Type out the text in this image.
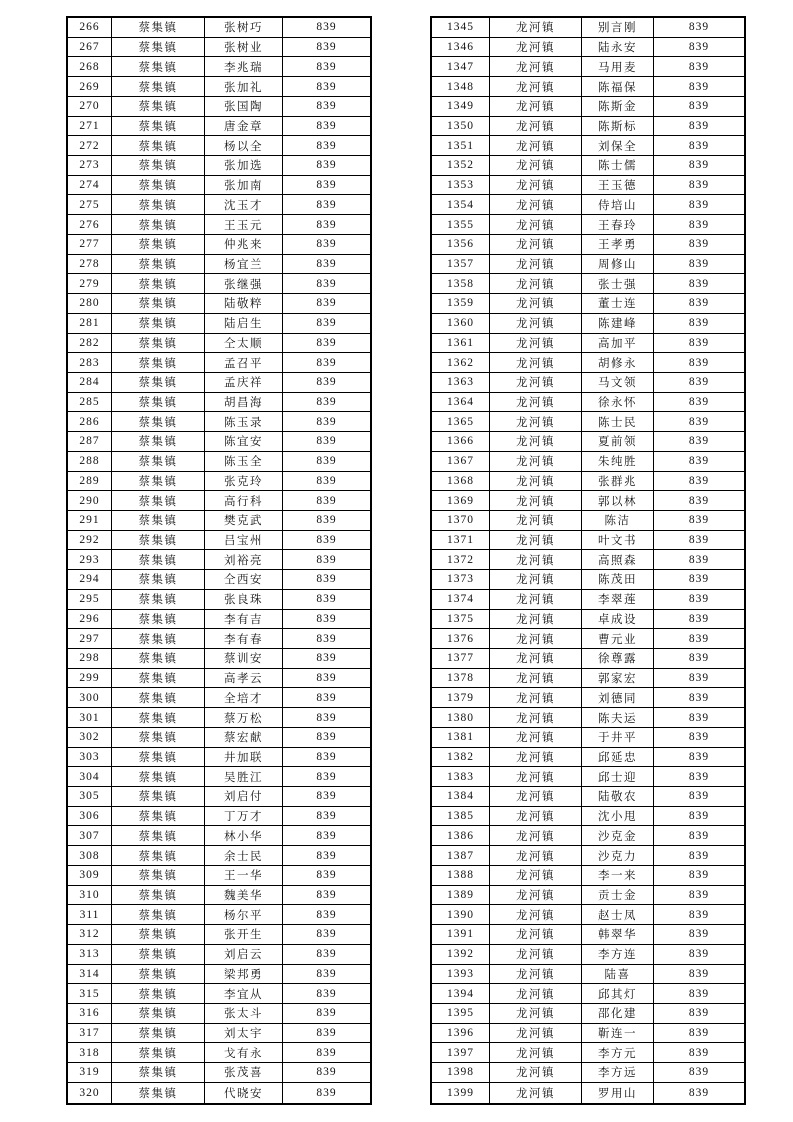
266	蔡集镇	张树巧	839
267	蔡集镇	张树业	839
268	蔡集镇	李兆瑞	839
269	蔡集镇	张加礼	839
270	蔡集镇	张国陶	839
271	蔡集镇	唐金章	839
272	蔡集镇	杨以全	839
273	蔡集镇	张加选	839
274	蔡集镇	张加南	839
275	蔡集镇	沈玉才	839
276	蔡集镇	王玉元	839
277	蔡集镇	仲兆来	839
278	蔡集镇	杨宜兰	839
279	蔡集镇	张继强	839
280	蔡集镇	陆敬粹	839
281	蔡集镇	陆启生	839
282	蔡集镇	仝太顺	839
283	蔡集镇	孟召平	839
284	蔡集镇	孟庆祥	839
285	蔡集镇	胡昌海	839
286	蔡集镇	陈玉录	839
287	蔡集镇	陈宜安	839
288	蔡集镇	陈玉全	839
289	蔡集镇	张克玲	839
290	蔡集镇	高行科	839
291	蔡集镇	樊克武	839
292	蔡集镇	吕宝州	839
293	蔡集镇	刘裕亮	839
294	蔡集镇	仝西安	839
295	蔡集镇	张良珠	839
296	蔡集镇	李有吉	839
297	蔡集镇	李有春	839
298	蔡集镇	蔡训安	839
299	蔡集镇	高孝云	839
300	蔡集镇	全培才	839
301	蔡集镇	蔡万松	839
302	蔡集镇	蔡宏献	839
303	蔡集镇	井加联	839
304	蔡集镇	吴胜江	839
305	蔡集镇	刘启付	839
306	蔡集镇	丁万才	839
307	蔡集镇	林小华	839
308	蔡集镇	余士民	839
309	蔡集镇	王一华	839
310	蔡集镇	魏美华	839
311	蔡集镇	杨尔平	839
312	蔡集镇	张开生	839
313	蔡集镇	刘启云	839
314	蔡集镇	梁邦勇	839
315	蔡集镇	李宜从	839
316	蔡集镇	张太斗	839
317	蔡集镇	刘太宇	839
318	蔡集镇	戈有永	839
319	蔡集镇	张茂喜	839
320	蔡集镇	代晓安	839
1345	龙河镇	别言刚	839
1346	龙河镇	陆永安	839
1347	龙河镇	马用麦	839
1348	龙河镇	陈福保	839
1349	龙河镇	陈斯金	839
1350	龙河镇	陈斯标	839
1351	龙河镇	刘保全	839
1352	龙河镇	陈士儒	839
1353	龙河镇	王玉德	839
1354	龙河镇	侍培山	839
1355	龙河镇	王春玲	839
1356	龙河镇	王孝勇	839
1357	龙河镇	周修山	839
1358	龙河镇	张士强	839
1359	龙河镇	董士连	839
1360	龙河镇	陈建峰	839
1361	龙河镇	高加平	839
1362	龙河镇	胡修永	839
1363	龙河镇	马文领	839
1364	龙河镇	徐永怀	839
1365	龙河镇	陈士民	839
1366	龙河镇	夏前领	839
1367	龙河镇	朱纯胜	839
1368	龙河镇	张群兆	839
1369	龙河镇	郭以林	839
1370	龙河镇	陈洁	839
1371	龙河镇	叶文书	839
1372	龙河镇	高照森	839
1373	龙河镇	陈茂田	839
1374	龙河镇	李翠莲	839
1375	龙河镇	卓成设	839
1376	龙河镇	曹元业	839
1377	龙河镇	徐尊露	839
1378	龙河镇	郭家宏	839
1379	龙河镇	刘德同	839
1380	龙河镇	陈夫运	839
1381	龙河镇	于井平	839
1382	龙河镇	邱延忠	839
1383	龙河镇	邱士迎	839
1384	龙河镇	陆敬农	839
1385	龙河镇	沈小甩	839
1386	龙河镇	沙克金	839
1387	龙河镇	沙克力	839
1388	龙河镇	李一来	839
1389	龙河镇	贡士金	839
1390	龙河镇	赵士凤	839
1391	龙河镇	韩翠华	839
1392	龙河镇	李方连	839
1393	龙河镇	陆喜	839
1394	龙河镇	邱其灯	839
1395	龙河镇	邵化建	839
1396	龙河镇	靳连一	839
1397	龙河镇	李方元	839
1398	龙河镇	李方远	839
1399	龙河镇	罗用山	839
